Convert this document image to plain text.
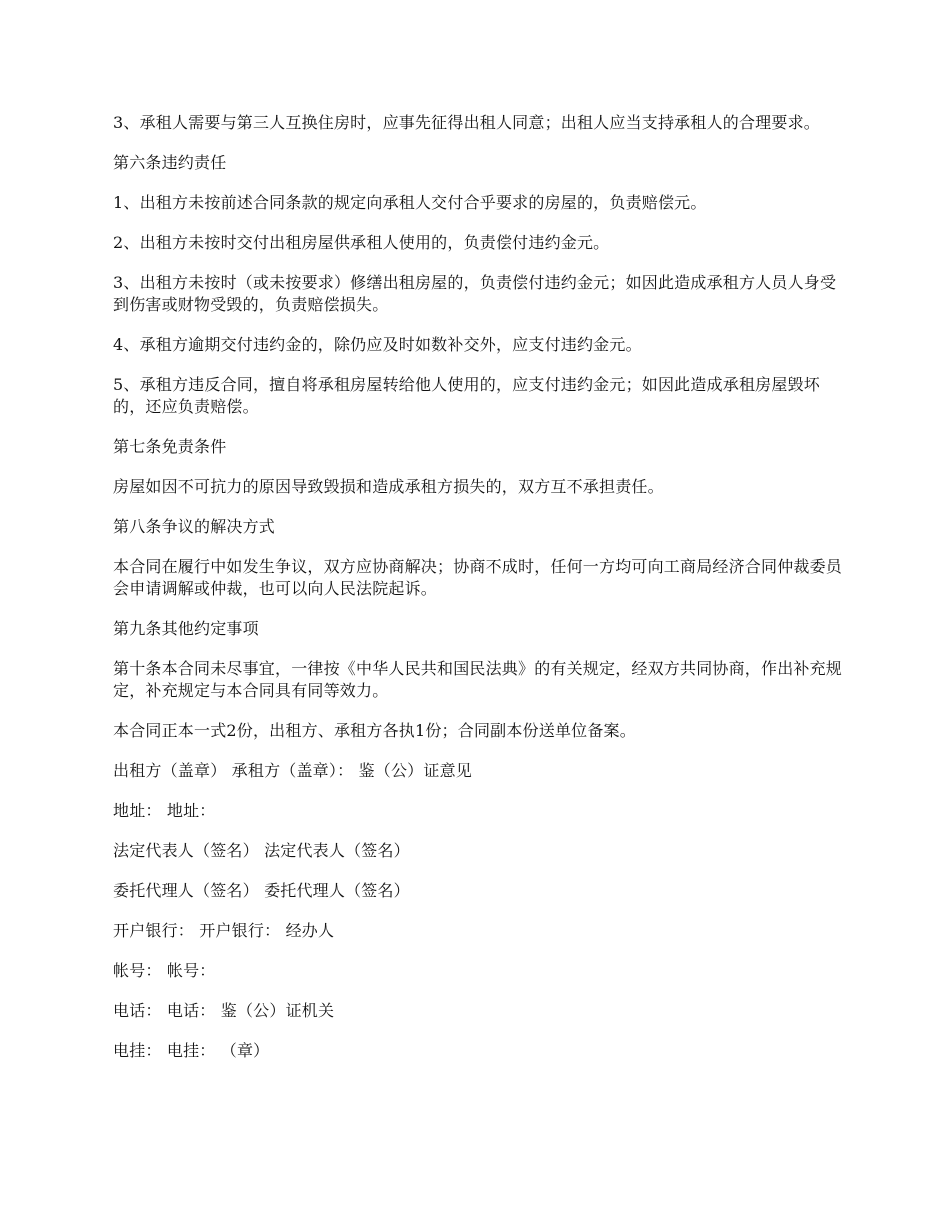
3、承租人需要与第三人互换住房时，应事先征得出租人同意；出租人应当支持承租人的合理要求。

第六条违约责任

1、出租方未按前述合同条款的规定向承租人交付合乎要求的房屋的，负责赔偿元。

2、出租方未按时交付出租房屋供承租人使用的，负责偿付违约金元。

3、出租方未按时（或未按要求）修缮出租房屋的，负责偿付违约金元；如因此造成承租方人员人身受到伤害或财物受毁的，负责赔偿损失。

4、承租方逾期交付违约金的，除仍应及时如数补交外，应支付违约金元。

5、承租方违反合同，擅自将承租房屋转给他人使用的，应支付违约金元；如因此造成承租房屋毁坏的，还应负责赔偿。

第七条免责条件

房屋如因不可抗力的原因导致毁损和造成承租方损失的，双方互不承担责任。

第八条争议的解决方式

本合同在履行中如发生争议，双方应协商解决；协商不成时，任何一方均可向工商局经济合同仲裁委员会申请调解或仲裁，也可以向人民法院起诉。

第九条其他约定事项

第十条本合同未尽事宜，一律按《中华人民共和国民法典》的有关规定，经双方共同协商，作出补充规定，补充规定与本合同具有同等效力。

本合同正本一式2份，出租方、承租方各执1份；合同副本份送单位备案。

出租方（盖章） 承租方（盖章）： 鉴（公）证意见

地址： 地址：

法定代表人（签名） 法定代表人（签名）

委托代理人（签名） 委托代理人（签名）

开户银行： 开户银行： 经办人

帐号： 帐号：

电话： 电话： 鉴（公）证机关

电挂： 电挂： （章）
